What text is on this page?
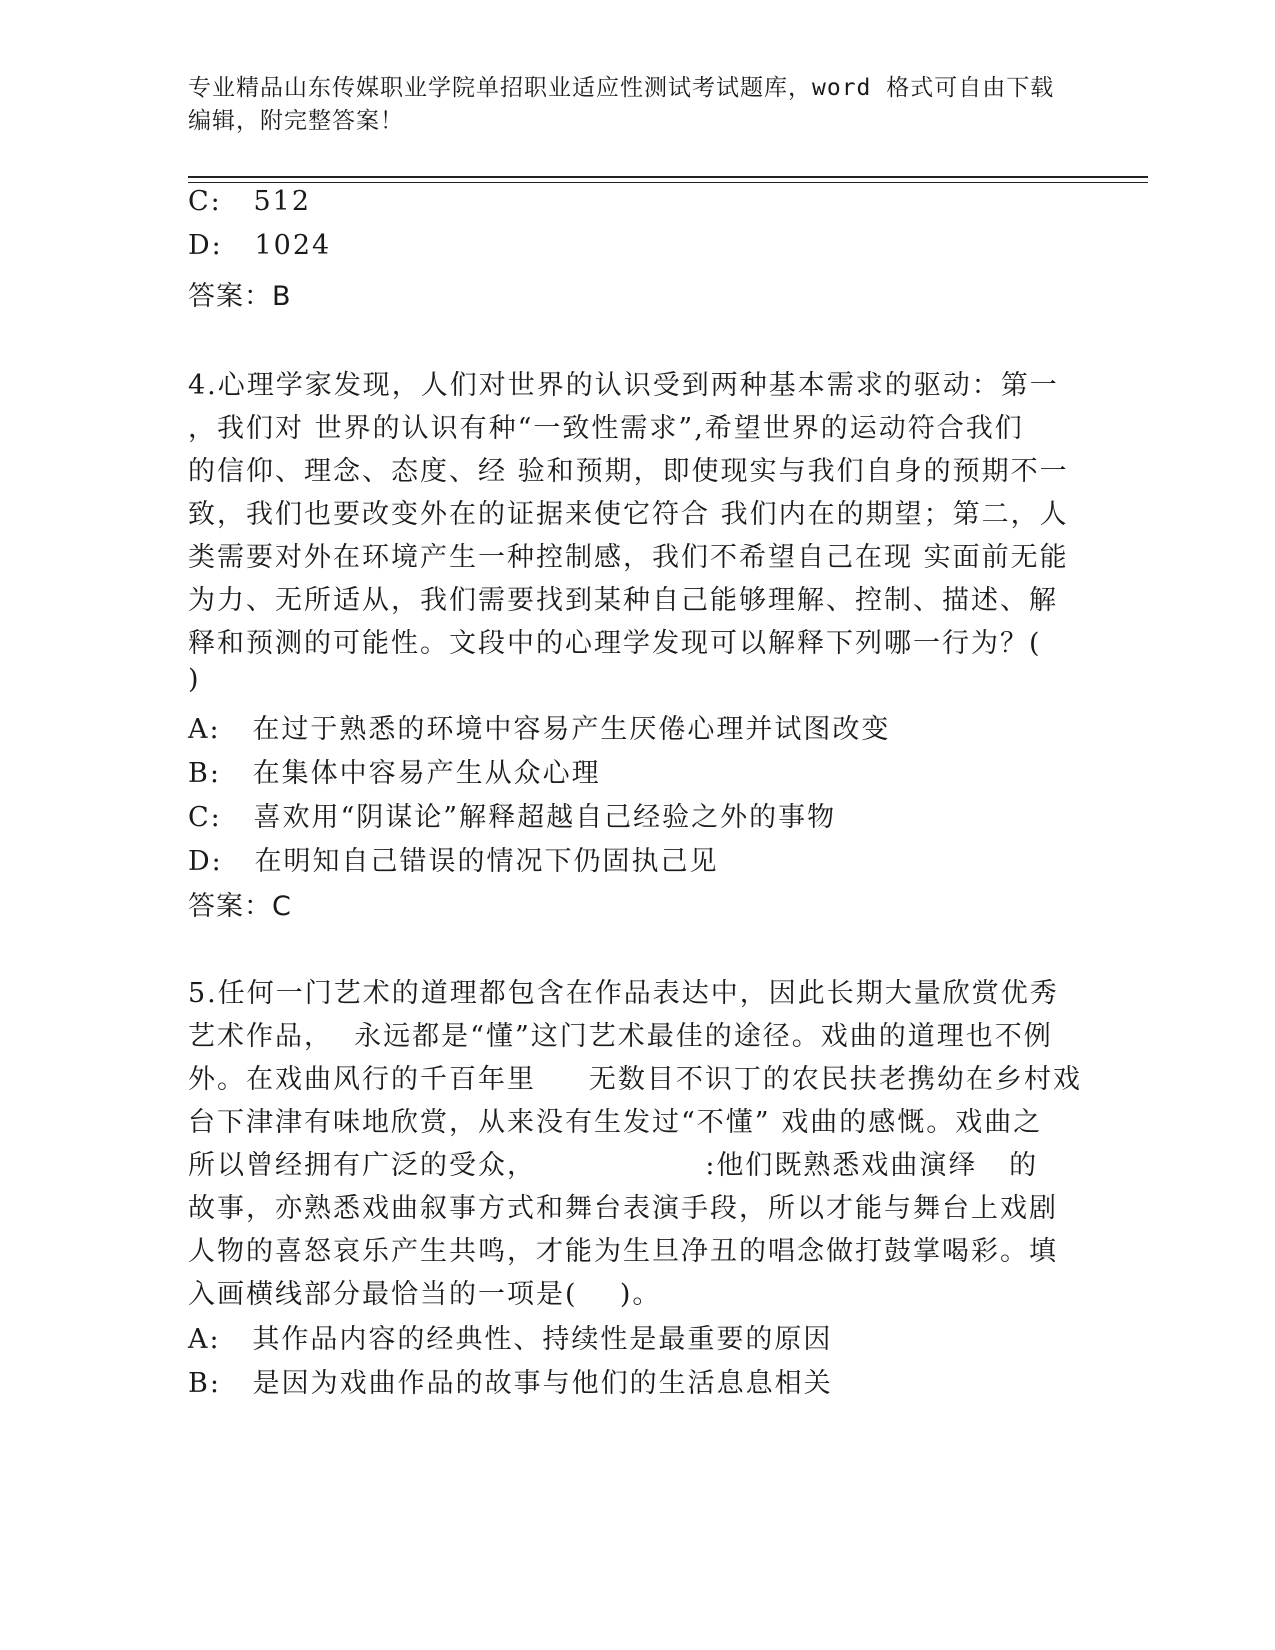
专业精品山东传媒职业学院单招职业适应性测试考试题库，word 格式可自由下载
编辑，附完整答案！
C:   512
D:   1024
答案：B
4.心理学家发现，人们对世界的认识受到两种基本需求的驱动：第一
，我们对 世界的认识有种“一致性需求”,希望世界的运动符合我们
的信仰、理念、态度、经 验和预期，即使现实与我们自身的预期不一
致，我们也要改变外在的证据来使它符合 我们内在的期望；第二，人
类需要对外在环境产生一种控制感，我们不希望自己在现 实面前无能
为力、无所适从，我们需要找到某种自己能够理解、控制、描述、解
释和预测的可能性。文段中的心理学发现可以解释下列哪一行为？(
)
A:   在过于熟悉的环境中容易产生厌倦心理并试图改变
B:   在集体中容易产生从众心理
C:   喜欢用“阴谋论”解释超越自己经验之外的事物
D:   在明知自己错误的情况下仍固执己见
答案：C
5.任何一门艺术的道理都包含在作品表达中，因此长期大量欣赏优秀
艺术作品，  永远都是“懂”这门艺术最佳的途径。戏曲的道理也不例
外。在戏曲风行的千百年里     无数目不识丁的农民扶老携幼在乡村戏
台下津津有味地欣赏，从来没有生发过“不懂” 戏曲的感慨。戏曲之
所以曾经拥有广泛的受众，                :他们既熟悉戏曲演绎   的
故事，亦熟悉戏曲叙事方式和舞台表演手段，所以才能与舞台上戏剧
人物的喜怒哀乐产生共鸣，才能为生旦净丑的唱念做打鼓掌喝彩。填
入画横线部分最恰当的一项是(    )。
A:   其作品内容的经典性、持续性是最重要的原因
B:   是因为戏曲作品的故事与他们的生活息息相关
